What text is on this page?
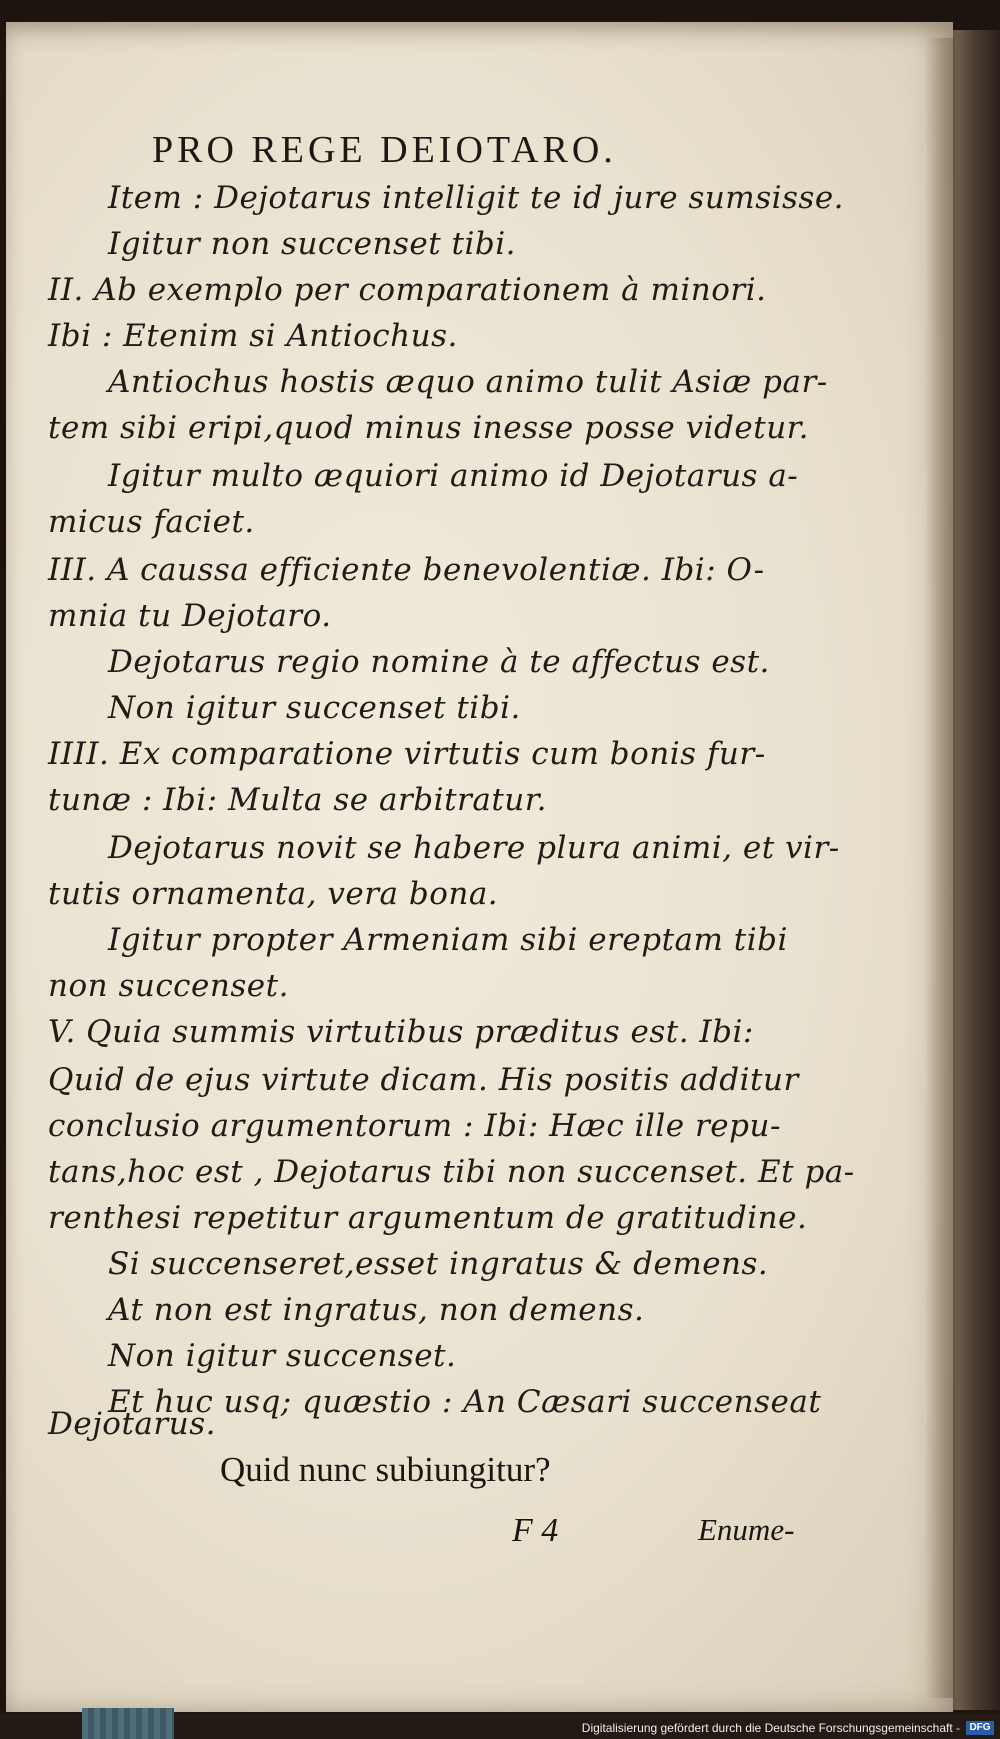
PRO REGE DEIOTARO.

Item : Dejotarus intelligit te id jure sumsisse.

Igitur non succenset tibi.

II. Ab exemplo per comparationem à minori.

Ibi : Etenim si Antiochus.

Antiochus hostis æquo animo tulit Asiæ par-

tem sibi eripi,quod minus inesse posse videtur.

Igitur multo æquiori animo id Dejotarus a-

micus faciet.

III. A caussa efficiente benevolentiæ. Ibi: O-

mnia tu Dejotaro.

Dejotarus regio nomine à te affectus est.

Non igitur succenset tibi.

IIII. Ex comparatione virtutis cum bonis fur-

tunæ : Ibi: Multa se arbitratur.

Dejotarus novit se habere plura animi, et vir-

tutis ornamenta, vera bona.

Igitur propter Armeniam sibi ereptam tibi

non succenset.

V. Quia summis virtutibus præditus est. Ibi:

Quid de ejus virtute dicam. His positis additur

conclusio argumentorum : Ibi: Hæc ille repu-

tans,hoc est , Dejotarus tibi non succenset. Et pa-

renthesi repetitur argumentum de gratitudine.

Si succenseret,esset ingratus & demens.

At non est ingratus, non demens.

Non igitur succenset.

Et huc usq; quæstio : An Cæsari succenseat

Dejotarus.

Quid nunc subiungitur?
F 4	Enume-
Digitalisierung gefördert durch die Deutsche Forschungsgemeinschaft - DFG
